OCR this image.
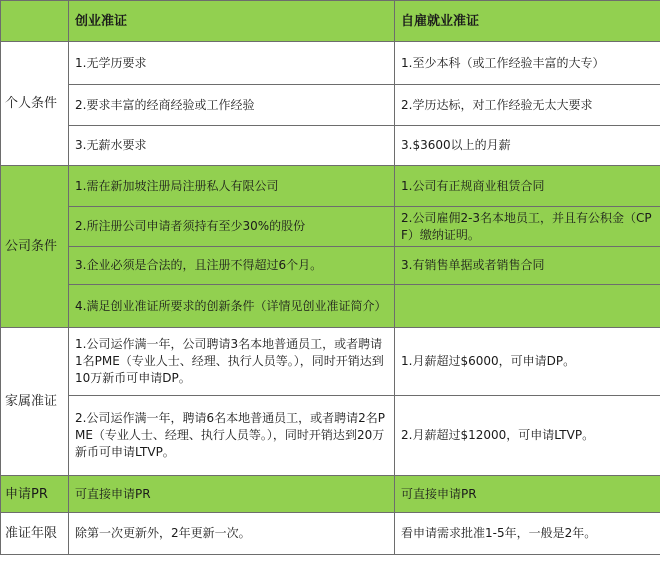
	创业准证	自雇就业准证
个人条件	1.无学历要求	1.至少本科（或工作经验丰富的大专）
	2.要求丰富的经商经验或工作经验	2.学历达标，对工作经验无太大要求
	3.无薪水要求	3.$3600以上的月薪
公司条件	1.需在新加坡注册局注册私人有限公司	1.公司有正规商业租赁合同
	2.所注册公司申请者须持有至少30%的股份	2.公司雇佣2-3名本地员工，并且有公积金（CPF）缴纳证明。
	3.企业必须是合法的，且注册不得超过6个月。	3.有销售单据或者销售合同
	4.满足创业准证所要求的创新条件（详情见创业准证简介）	
家属准证	1.公司运作满一年，公司聘请3名本地普通员工，或者聘请1名PME（专业人士、经理、执行人员等。），同时开销达到10万新币可申请DP。	1.月薪超过$6000，可申请DP。
	2.公司运作满一年，聘请6名本地普通员工，或者聘请2名PME（专业人士、经理、执行人员等。），同时开销达到20万新币可申请LTVP。	2.月薪超过$12000，可申请LTVP。
申请PR	可直接申请PR	可直接申请PR
准证年限	除第一次更新外，2年更新一次。	看申请需求批准1-5年，一般是2年。
